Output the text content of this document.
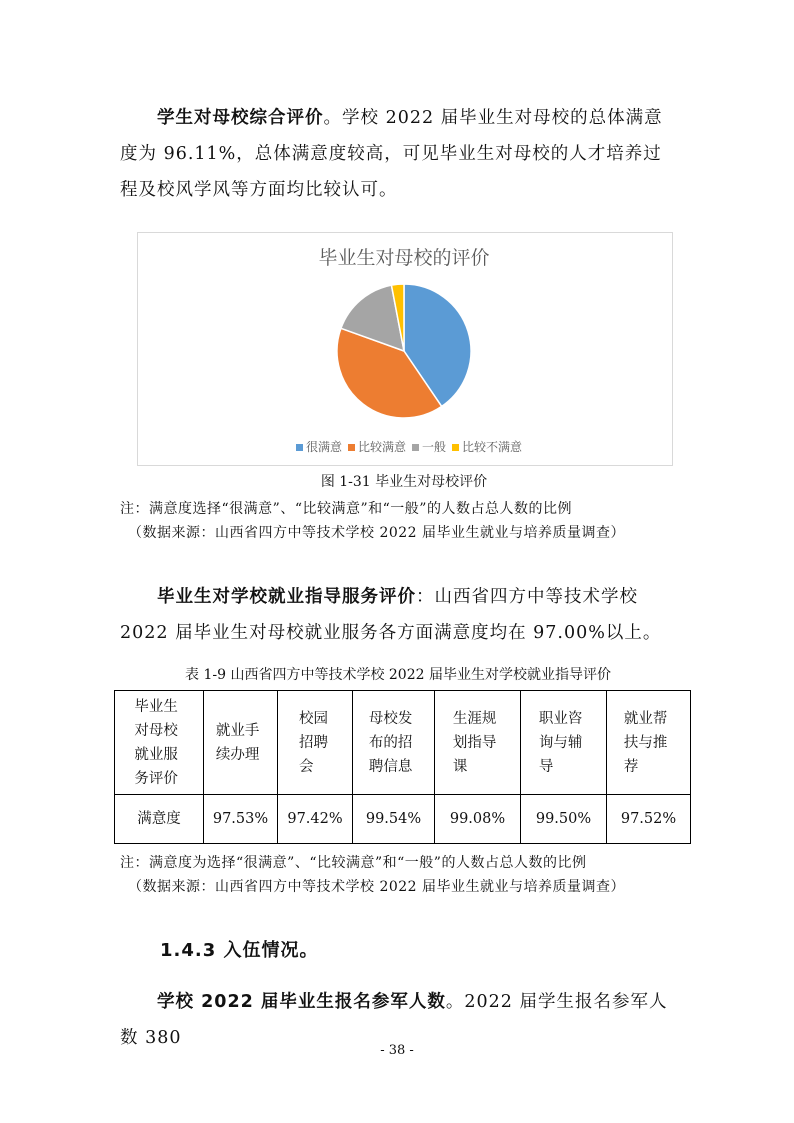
学生对母校综合评价。学校 2022 届毕业生对母校的总体满意度为 96.11%，总体满意度较高，可见毕业生对母校的人才培养过程及校风学风等方面均比较认可。
毕业生对母校的评价
很满意 比较满意 一般 比较不满意
图 1-31 毕业生对母校评价
注：满意度选择“很满意”、“比较满意”和“一般”的人数占总人数的比例
（数据来源：山西省四方中等技术学校 2022 届毕业生就业与培养质量调查）
毕业生对学校就业指导服务评价：山西省四方中等技术学校 2022 届毕业生对母校就业服务各方面满意度均在 97.00%以上。
表 1-9 山西省四方中等技术学校 2022 届毕业生对学校就业指导评价
毕业生对母校就业服务评价	就业手续办理	校园招聘会	母校发布的招聘信息	生涯规划指导课	职业咨询与辅导	就业帮扶与推荐
满意度	97.53%	97.42%	99.54%	99.08%	99.50%	97.52%
注：满意度为选择“很满意”、“比较满意”和“一般”的人数占总人数的比例
（数据来源：山西省四方中等技术学校 2022 届毕业生就业与培养质量调查）
1.4.3 入伍情况。
学校 2022 届毕业生报名参军人数。2022 届学生报名参军人数 380
- 38 -
